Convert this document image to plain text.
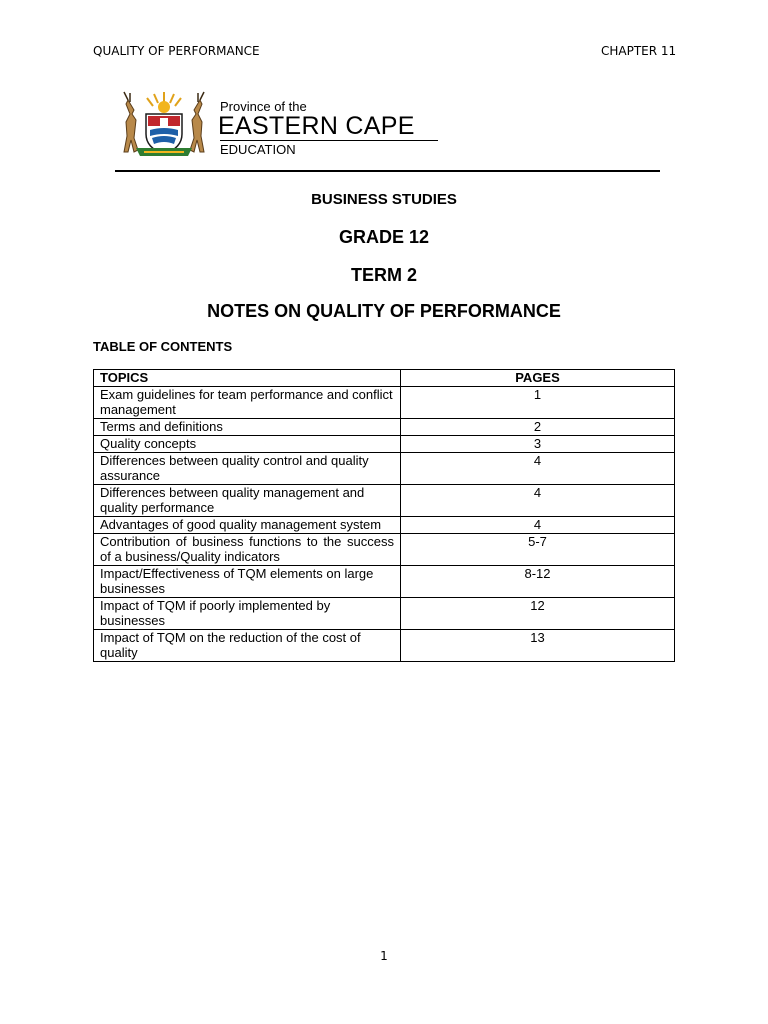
QUALITY OF PERFORMANCE	CHAPTER 11
Province of the
EASTERN CAPE
EDUCATION
BUSINESS STUDIES
GRADE 12
TERM 2
NOTES ON QUALITY OF PERFORMANCE
TABLE OF CONTENTS
TOPICS	PAGES
Exam guidelines for team performance and conflict management	1
Terms and definitions	2
Quality concepts	3
Differences between quality control and quality assurance	4
Differences between quality management and quality performance	4
Advantages of good quality management system	4
Contribution of business functions to the success of a business/Quality indicators	5-7
Impact/Effectiveness of TQM elements on large businesses	8-12
Impact of TQM if poorly implemented by businesses	12
Impact of TQM on the reduction of the cost of quality	13
1
